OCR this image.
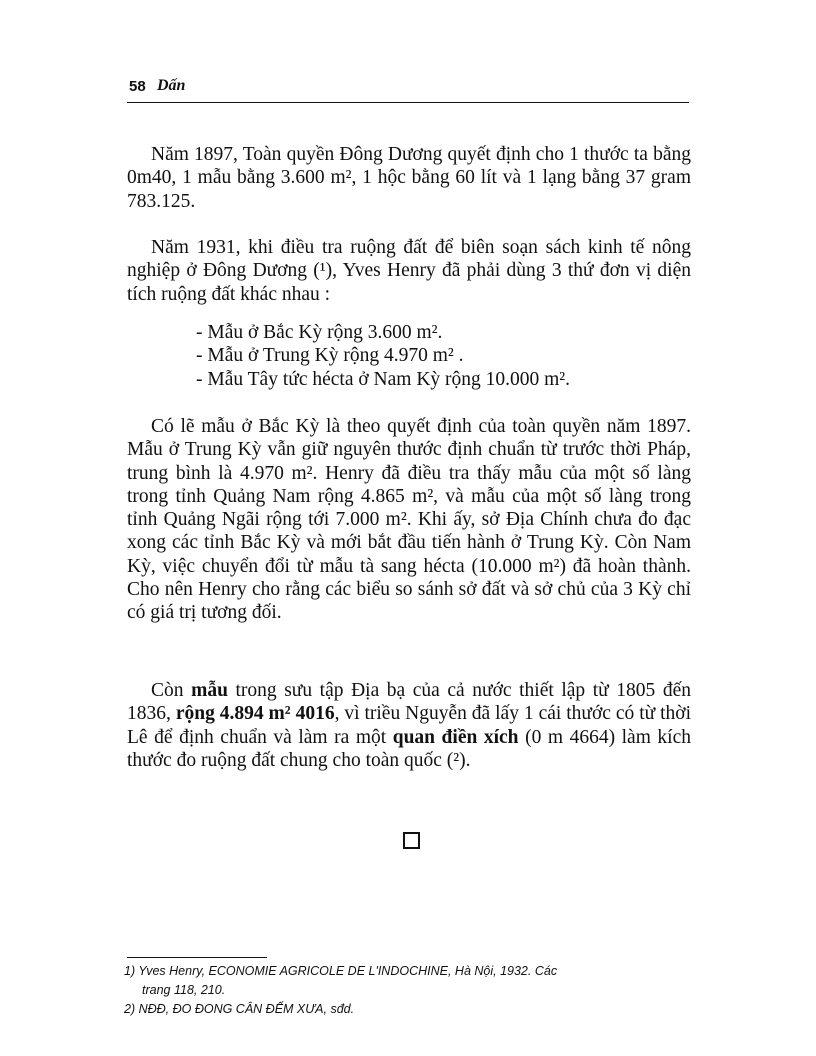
58 Dấn

Năm 1897, Toàn quyền Đông Dương quyết định cho 1 thước ta bằng 0m40, 1 mẫu bằng 3.600 m², 1 hộc bằng 60 lít và 1 lạng bằng 37 gram 783.125.

Năm 1931, khi điều tra ruộng đất để biên soạn sách kinh tế nông nghiệp ở Đông Dương (¹), Yves Henry đã phải dùng 3 thứ đơn vị diện tích ruộng đất khác nhau :

- Mẫu ở Bắc Kỳ rộng 3.600 m².
- Mẫu ở Trung Kỳ rộng 4.970 m² .
- Mẫu Tây tức hécta ở Nam Kỳ rộng 10.000 m².

Có lẽ mẫu ở Bắc Kỳ là theo quyết định của toàn quyền năm 1897. Mẫu ở Trung Kỳ vẫn giữ nguyên thước định chuẩn từ trước thời Pháp, trung bình là 4.970 m². Henry đã điều tra thấy mẫu của một số làng trong tỉnh Quảng Nam rộng 4.865 m², và mẫu của một số làng trong tỉnh Quảng Ngãi rộng tới 7.000 m². Khi ấy, sở Địa Chính chưa đo đạc xong các tỉnh Bắc Kỳ và mới bắt đầu tiến hành ở Trung Kỳ. Còn Nam Kỳ, việc chuyển đổi từ mẫu tà sang hécta (10.000 m²) đã hoàn thành. Cho nên Henry cho rằng các biểu so sánh sở đất và sở chủ của 3 Kỳ chỉ có giá trị tương đối.

Còn mẫu trong sưu tập Địa bạ của cả nước thiết lập từ 1805 đến 1836, rộng 4.894 m² 4016, vì triều Nguyễn đã lấy 1 cái thước có từ thời Lê để định chuẩn và làm ra một quan điền xích (0 m 4664) làm kích thước đo ruộng đất chung cho toàn quốc (²).

1) Yves Henry, ECONOMIE AGRICOLE DE L'INDOCHINE, Hà Nội, 1932. Các
trang 118, 210.
2) NĐĐ, ĐO ĐONG CÂN ĐẾM XƯA, sđd.
